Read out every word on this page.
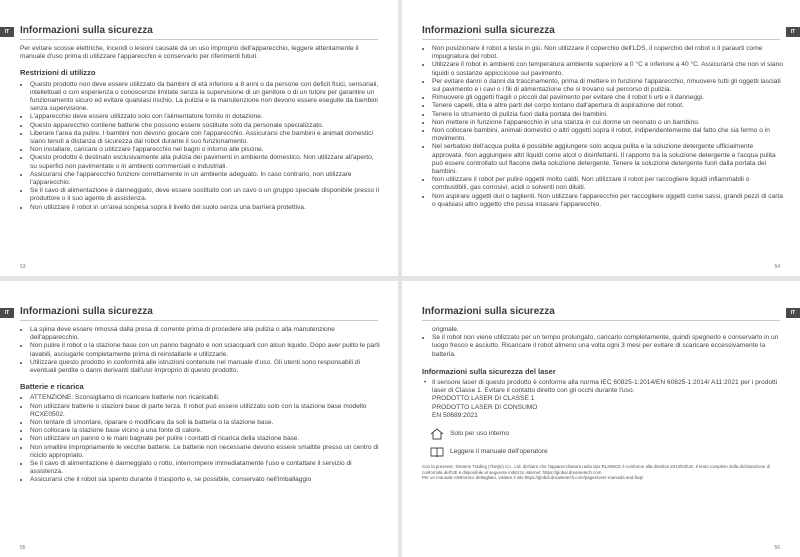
IT	Informazioni sulla sicurezza

Per evitare scosse elettriche, incendi o lesioni causate da un uso improprio dell'apparecchio, leggere attentamente il manuale d'uso prima di utilizzare l'apparecchio e conservarlo per riferimenti futuri.

Restrizioni di utilizzo
• Questo prodotto non deve essere utilizzato da bambini di età inferiore a 8 anni o da persone con deficit fisici, sensoriali, intellettuali o con esperienza o conoscenze limitate senza la supervisione di un genitore o di un tutore per garantire un funzionamento sicuro ed evitare qualsiasi rischio. La pulizia e la manutenzione non devono essere eseguite da bambini senza supervisione.
• L'apparecchio deve essere utilizzato solo con l'alimentatore fornito in dotazione.
• Questo apparecchio contiene batterie che possono essere sostituite solo da personale specializzato.
• Liberare l'area da pulire. I bambini non devono giocare con l'apparecchio. Assicurarsi che bambini e animali domestici siano tenuti a distanza di sicurezza dal robot durante il suo funzionamento.
• Non installare, caricare o utilizzare l'apparecchio nei bagni o intorno alle piscine.
• Questo prodotto è destinato esclusivamente alla pulizia dei pavimenti in ambiente domestico. Non utilizzare all'aperto, su superfici non pavimentate o in ambienti commerciali o industriali.
• Assicurarsi che l'apparecchio funzioni correttamente in un ambiente adeguato. In caso contrario, non utilizzare l'apparecchio.
• Se il cavo di alimentazione è danneggiato, deve essere sostituito con un cavo o un gruppo speciale disponibile presso il produttore o il suo agente di assistenza.
• Non utilizzare il robot in un'area sospesa sopra il livello del suolo senza una barriera protettiva.
53
IT
Informazioni sulla sicurezza
• Non posizionare il robot a testa in giù. Non utilizzare il coperchio dell'LDS, il coperchio del robot o il paraurti come impugnatura del robot.
• Utilizzare il robot in ambienti con temperatura ambiente superiore a 0 °C e inferiore a 40 °C. Assicurarsi che non vi siano liquidi o sostanze appiccicose sul pavimento.
• Per evitare danni o danni da trascinamento, prima di mettere in funzione l'apparecchio, rimuovere tutti gli oggetti lasciati sul pavimento e i cavi o i fili di alimentazione che si trovano sul percorso di pulizia.
• Rimuovere gli oggetti fragili o piccoli dal pavimento per evitare che il robot li urti e li danneggi.
• Tenere capelli, dita e altre parti del corpo lontano dall'apertura di aspirazione del robot.
• Tenere lo strumento di pulizia fuori dalla portata dei bambini.
• Non mettere in funzione l'apparecchio in una stanza in cui dorme un neonato o un bambino.
• Non collocare bambini, animali domestici o altri oggetti sopra il robot, indipendentemente dal fatto che sia fermo o in movimento.
• Nel serbatoio dell'acqua pulita è possibile aggiungere solo acqua pulita e la soluzione detergente ufficialmente approvata. Non aggiungere altri liquidi come alcol o disinfettanti. Il rapporto tra la soluzione detergente e l'acqua pulita può essere controllato sul flacone della soluzione detergente. Tenere la soluzione detergente fuori dalla portata dei bambini.
• Non utilizzare il robot per pulire oggetti molto caldi. Non utilizzare il robot per raccogliere liquidi infiammabili o combustibili, gas corrosivi, acidi o solventi non diluiti.
• Non aspirare oggetti duri o taglienti. Non utilizzare l'apparecchio per raccogliere oggetti come sassi, grandi pezzi di carta o qualsiasi altro oggetto che possa intasare l'apparecchio.
54
IT	Informazioni sulla sicurezza
• La spina deve essere rimossa dalla presa di corrente prima di procedere alla pulizia o alla manutenzione dell'apparecchio.
• Non pulire il robot o la stazione base con un panno bagnato e non sciacquarli con alcun liquido. Dopo aver pulito le parti lavabili, asciugarle completamente prima di reinstallarle e utilizzarle.
• Utilizzare questo prodotto in conformità alle istruzioni contenute nel manuale d'uso. Gli utenti sono responsabili di eventuali perdite o danni derivanti dall'uso improprio di questo prodotto.
Batterie e ricarica
• ATTENZIONE: Sconsigliamo di ricaricare batterie non ricaricabili.
• Non utilizzare batterie o stazioni base di parte terza. Il robot può essere utilizzato solo con la stazione base modello RCXE0502.
• Non tentare di smontare, riparare o modificare da soli la batteria o la stazione base.
• Non collocare la stazione base vicino a una fonte di calore.
• Non utilizzare un panno o le mani bagnate per pulire i contatti di ricarica della stazione base.
• Non smaltire impropriamente le vecchie batterie. Le batterie non necessarie devono essere smaltite presso un centro di riciclo appropriato.
• Se il cavo di alimentazione è danneggiato o rotto, interrompere immediatamente l'uso e contattare il servizio di assistenza.
• Assicurarsi che il robot sia spento durante il trasporto e, se possibile, conservato nell'imballaggio
55
IT
Informazioni sulla sicurezza

originale.

• Se il robot non viene utilizzato per un tempo prolungato, caricarlo completamente, quindi spegnerlo e conservarlo in un luogo fresco e asciutto. Ricaricare il robot almeno una volta ogni 3 mesi per evitare di scaricare eccessivamente la batteria.
Informazioni sulla sicurezza del laser
• Il sensore laser di questo prodotto è conforme alla norma IEC 60825-1:2014/EN 60825-1:2014/ A11:2021 per i prodotti laser di Classe 1. Evitare il contatto diretto con gli occhi durante l'uso.
PRODOTTO LASER DI CLASSE 1
PRODOTTO LASER DI CONSUMO
EN 50689:2021
Solo per uso interno
Leggere il manuale dell'operatore
Con la presente, Dreame Trading (Tianjin) Co., Ltd. dichiara che l'apparecchiatura radio tipo RLX95CE è conforme alla direttiva 2014/53/UE. Il testo completo della dichiarazione di conformità dell'UE è disponibile al seguente indirizzo internet: https://global.dreametech.com
Per un manuale elettronico dettagliato, visitare il sito https://global.dreametech.com/pages/user-manuals-and-faqs
56
